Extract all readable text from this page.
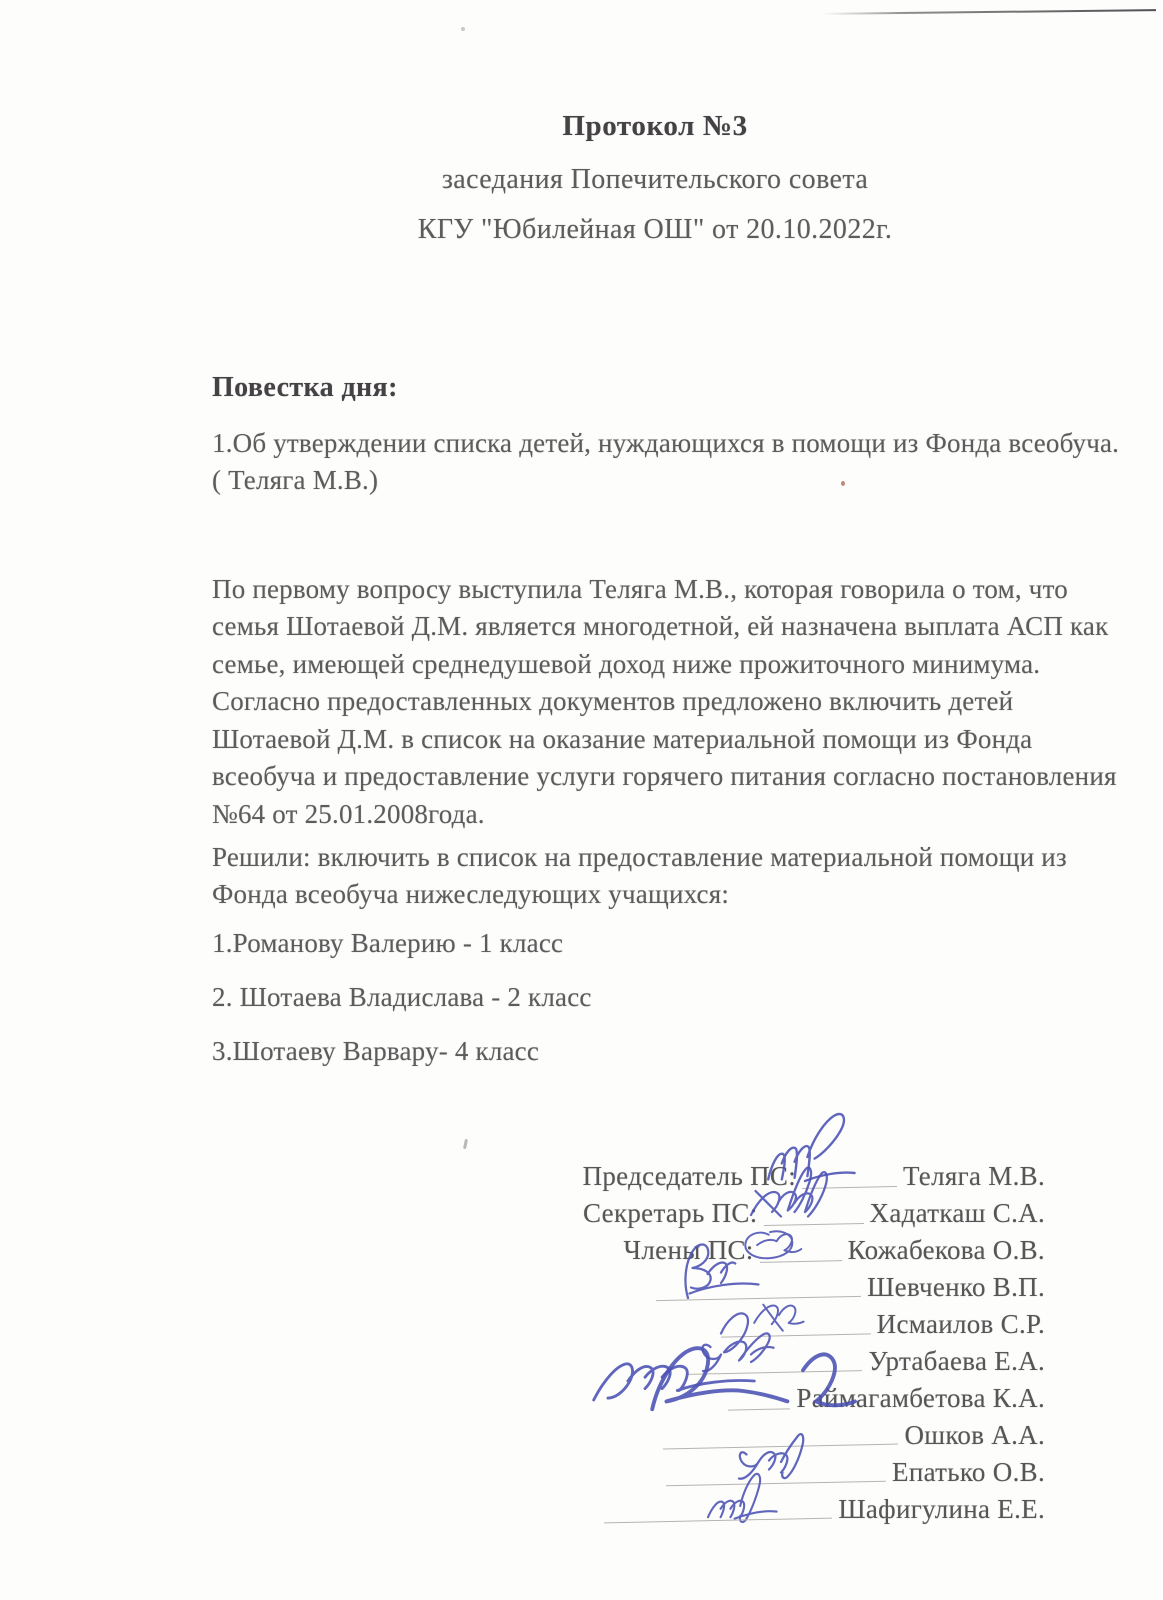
Протокол №3
заседания Попечительского совета
КГУ "Юбилейная ОШ" от 20.10.2022г.
Повестка дня:
1.Об утверждении списка детей, нуждающихся в помощи из Фонда всеобуча.
( Теляга М.В.)
По первому вопросу выступила Теляга М.В., которая говорила о том, что
семья Шотаевой Д.М. является многодетной, ей назначена выплата АСП как
семье, имеющей среднедушевой доход ниже прожиточного минимума.
Согласно предоставленных документов предложено включить детей
Шотаевой Д.М. в список на оказание материальной помощи из Фонда
всеобуча и предоставление услуги горячего питания согласно постановления
№64 от 25.01.2008года.
Решили: включить в список на предоставление материальной помощи из
Фонда всеобуча нижеследующих учащихся:
1.Романову Валерию - 1 класс
2. Шотаева Владислава - 2 класс
3.Шотаеву Варвару- 4 класс
Председатель ПС:	Теляга М.В.
Секретарь ПС:	Хадаткаш С.А.
Члены ПС:	Кожабекова О.В.
Шевченко В.П.
Исмаилов С.Р.
Уртабаева Е.А.
Раймагамбетова К.А.
Ошков А.А.
Епатько О.В.
Шафигулина Е.Е.
